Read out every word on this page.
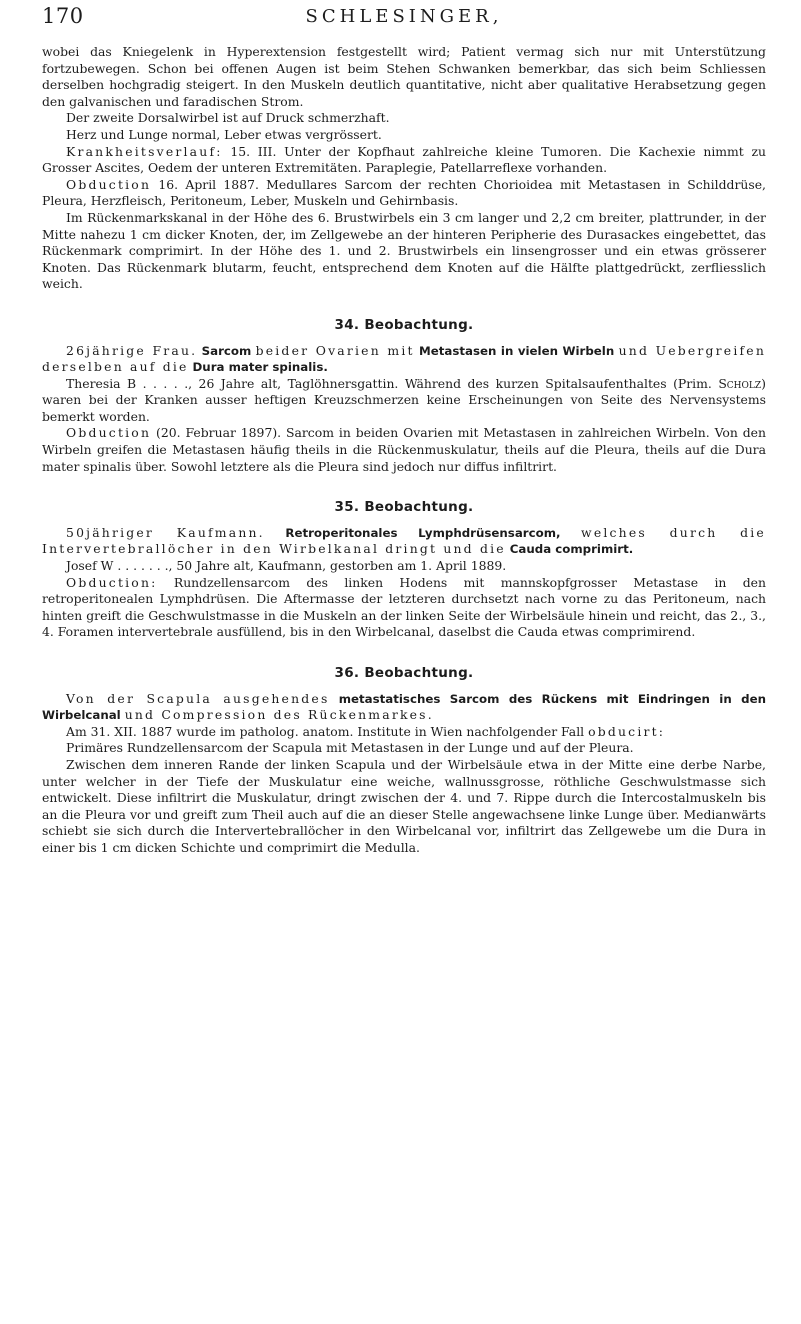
170	SCHLESINGER,

wobei das Kniegelenk in Hyperextension festgestellt wird; Patient vermag sich nur mit Unterstützung fortzubewegen. Schon bei offenen Augen ist beim Stehen Schwanken bemerkbar, das sich beim Schliessen derselben hochgradig steigert. In den Muskeln deutlich quantitative, nicht aber qualitative Herabsetzung gegen den galvanischen und faradischen Strom.

Der zweite Dorsalwirbel ist auf Druck schmerzhaft.

Herz und Lunge normal, Leber etwas vergrössert.

Krankheitsverlauf: 15. III. Unter der Kopfhaut zahlreiche kleine Tumoren. Die Kachexie nimmt zu Grosser Ascites, Oedem der unteren Extremitäten. Paraplegie, Patellarreflexe vorhanden.

Obduction 16. April 1887. Medullares Sarcom der rechten Chorioidea mit Metastasen in Schilddrüse, Pleura, Herzfleisch, Peritoneum, Leber, Muskeln und Gehirnbasis.

Im Rückenmarkskanal in der Höhe des 6. Brustwirbels ein 3 cm langer und 2,2 cm breiter, plattrunder, in der Mitte nahezu 1 cm dicker Knoten, der, im Zellgewebe an der hinteren Peripherie des Durasackes eingebettet, das Rückenmark comprimirt. In der Höhe des 1. und 2. Brustwirbels ein linsengrosser und ein etwas grösserer Knoten. Das Rückenmark blutarm, feucht, entsprechend dem Knoten auf die Hälfte plattgedrückt, zerfliesslich weich.

34. Beobachtung.

26jährige Frau. Sarcom beider Ovarien mit Metastasen in vielen Wirbeln und Uebergreifen derselben auf die Dura mater spinalis.

Theresia B . . . . ., 26 Jahre alt, Taglöhnersgattin. Während des kurzen Spitalsaufenthaltes (Prim. Scholz) waren bei der Kranken ausser heftigen Kreuzschmerzen keine Erscheinungen von Seite des Nervensystems bemerkt worden.

Obduction (20. Februar 1897). Sarcom in beiden Ovarien mit Metastasen in zahlreichen Wirbeln. Von den Wirbeln greifen die Metastasen häufig theils in die Rückenmuskulatur, theils auf die Pleura, theils auf die Dura mater spinalis über. Sowohl letztere als die Pleura sind jedoch nur diffus infiltrirt.

35. Beobachtung.

50jähriger Kaufmann. Retroperitonales Lymphdrüsensarcom, welches durch die Intervertebrallöcher in den Wirbelkanal dringt und die Cauda comprimirt.

Josef W . . . . . . ., 50 Jahre alt, Kaufmann, gestorben am 1. April 1889.

Obduction: Rundzellensarcom des linken Hodens mit mannskopfgrosser Metastase in den retroperitonealen Lymphdrüsen. Die Aftermasse der letzteren durchsetzt nach vorne zu das Peritoneum, nach hinten greift die Geschwulstmasse in die Muskeln an der linken Seite der Wirbelsäule hinein und reicht, das 2., 3., 4. Foramen intervertebrale ausfüllend, bis in den Wirbelcanal, daselbst die Cauda etwas comprimirend.

36. Beobachtung.

Von der Scapula ausgehendes metastatisches Sarcom des Rückens mit Eindringen in den Wirbelcanal und Compression des Rückenmarkes.

Am 31. XII. 1887 wurde im patholog. anatom. Institute in Wien nachfolgender Fall obducirt:

Primäres Rundzellensarcom der Scapula mit Metastasen in der Lunge und auf der Pleura.

Zwischen dem inneren Rande der linken Scapula und der Wirbelsäule etwa in der Mitte eine derbe Narbe, unter welcher in der Tiefe der Muskulatur eine weiche, wallnussgrosse, röthliche Geschwulstmasse sich entwickelt. Diese infiltrirt die Muskulatur, dringt zwischen der 4. und 7. Rippe durch die Intercostalmuskeln bis an die Pleura vor und greift zum Theil auch auf die an dieser Stelle angewachsene linke Lunge über. Medianwärts schiebt sie sich durch die Intervertebrallöcher in den Wirbelcanal vor, infiltrirt das Zellgewebe um die Dura in einer bis 1 cm dicken Schichte und comprimirt die Medulla.
